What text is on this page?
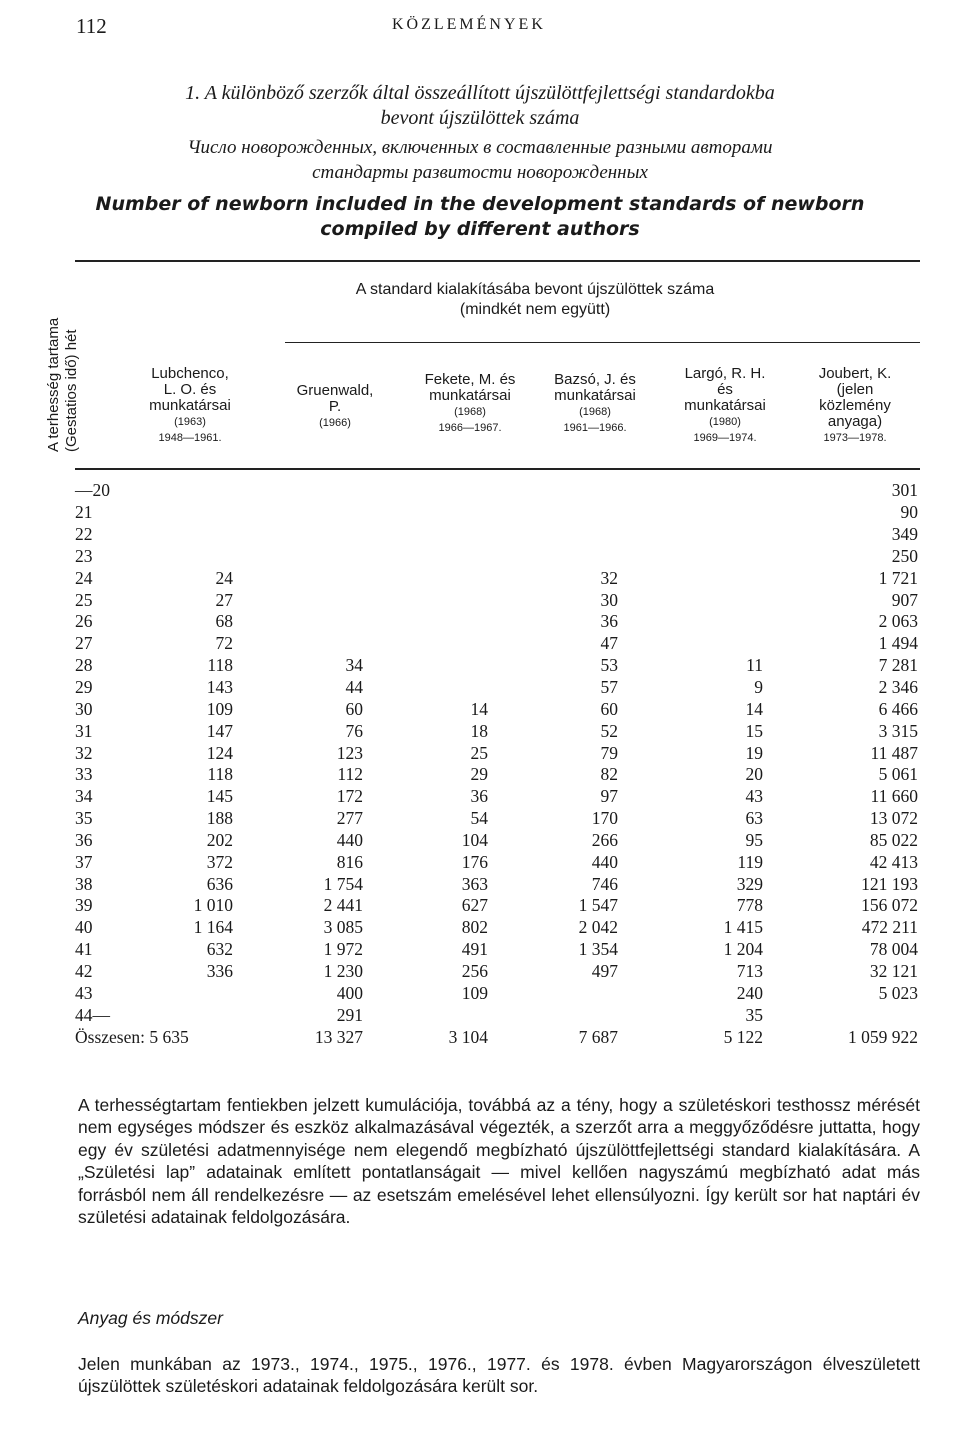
112	KÖZLEMÉNYEK
1. A különböző szerzők által összeállított újszülöttfejlettségi standardokba
bevont újszülöttek száma
Число новорожденных, включенных в составленные разными авторами
стандарты развитости новорожденных
Number of newborn included in the development standards of newborn
compiled by different authors
A terhesség tartama (Gestatios idő) hét
A standard kialakításába bevont újszülöttek száma
(mindkét nem együtt)
Lubchenco,
L. O. és
munkatársai
(1963)
1948—1961.
Gruenwald,
P.
(1966)
Fekete, M. és
munkatársai
(1968)
1966—1967.
Bazsó, J. és
munkatársai
(1968)
1961—1966.
Largó, R. H.
és
munkatársai
(1980)
1969—1974.
Joubert, K.
(jelen
közlemény
anyaga)
1973—1978.
—20						301
21						90
22						349
23						250
24	24			32		1 721
25	27			30		907
26	68			36		2 063
27	72			47		1 494
28	118	34		53	11	7 281
29	143	44		57	9	2 346
30	109	60	14	60	14	6 466
31	147	76	18	52	15	3 315
32	124	123	25	79	19	11 487
33	118	112	29	82	20	5 061
34	145	172	36	97	43	11 660
35	188	277	54	170	63	13 072
36	202	440	104	266	95	85 022
37	372	816	176	440	119	42 413
38	636	1 754	363	746	329	121 193
39	1 010	2 441	627	1 547	778	156 072
40	1 164	3 085	802	2 042	1 415	472 211
41	632	1 972	491	1 354	1 204	78 004
42	336	1 230	256	497	713	32 121
43		400	109		240	5 023
44—		291			35	
Összesen: 5 635		13 327	3 104	7 687	5 122	1 059 922
A terhességtartam fentiekben jelzett kumulációja, továbbá az a tény, hogy a születéskori testhossz mérését nem egységes módszer és eszköz alkalmazásával végezték, a szerzőt arra a meggyőződésre juttatta, hogy egy év születési adatmennyisége nem elegendő megbízható újszülöttfejlettségi standard kialakítására. A „Születési lap” adatainak említett pontatlanságait — mivel kellően nagyszámú megbízható adat más forrásból nem áll rendelkezésre — az esetszám emelésével lehet ellensúlyozni. Így került sor hat naptári év születési adatainak feldolgozására.
Anyag és módszer
Jelen munkában az 1973., 1974., 1975., 1976., 1977. és 1978. évben Magyarországon élveszületett újszülöttek születéskori adatainak feldolgozására került sor.
